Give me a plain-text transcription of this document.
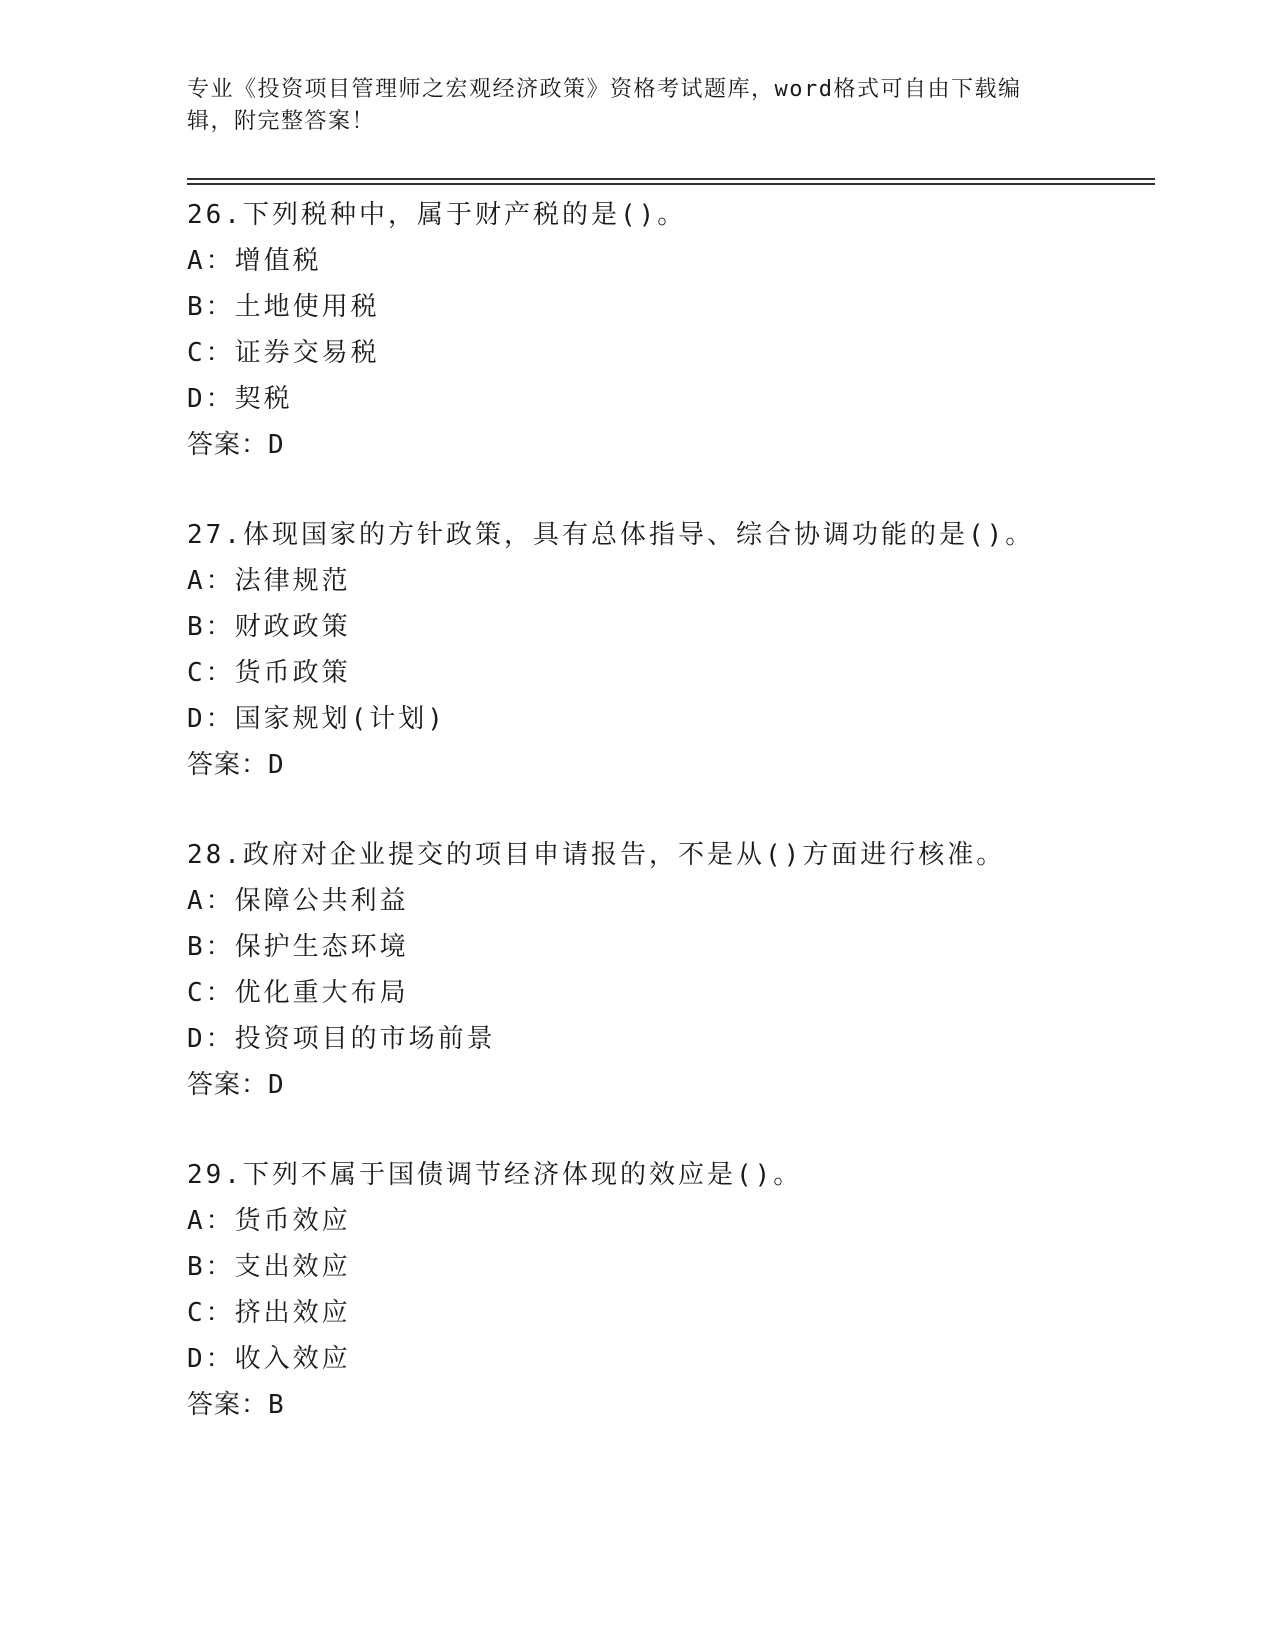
专业《投资项目管理师之宏观经济政策》资格考试题库，word格式可自由下载编
辑，附完整答案！
26.下列税种中，属于财产税的是()。
A：增值税
B：土地使用税
C：证券交易税
D：契税
答案：D
27.体现国家的方针政策，具有总体指导、综合协调功能的是()。
A：法律规范
B：财政政策
C：货币政策
D：国家规划(计划)
答案：D
28.政府对企业提交的项目申请报告，不是从()方面进行核准。
A：保障公共利益
B：保护生态环境
C：优化重大布局
D：投资项目的市场前景
答案：D
29.下列不属于国债调节经济体现的效应是()。
A：货币效应
B：支出效应
C：挤出效应
D：收入效应
答案：B
